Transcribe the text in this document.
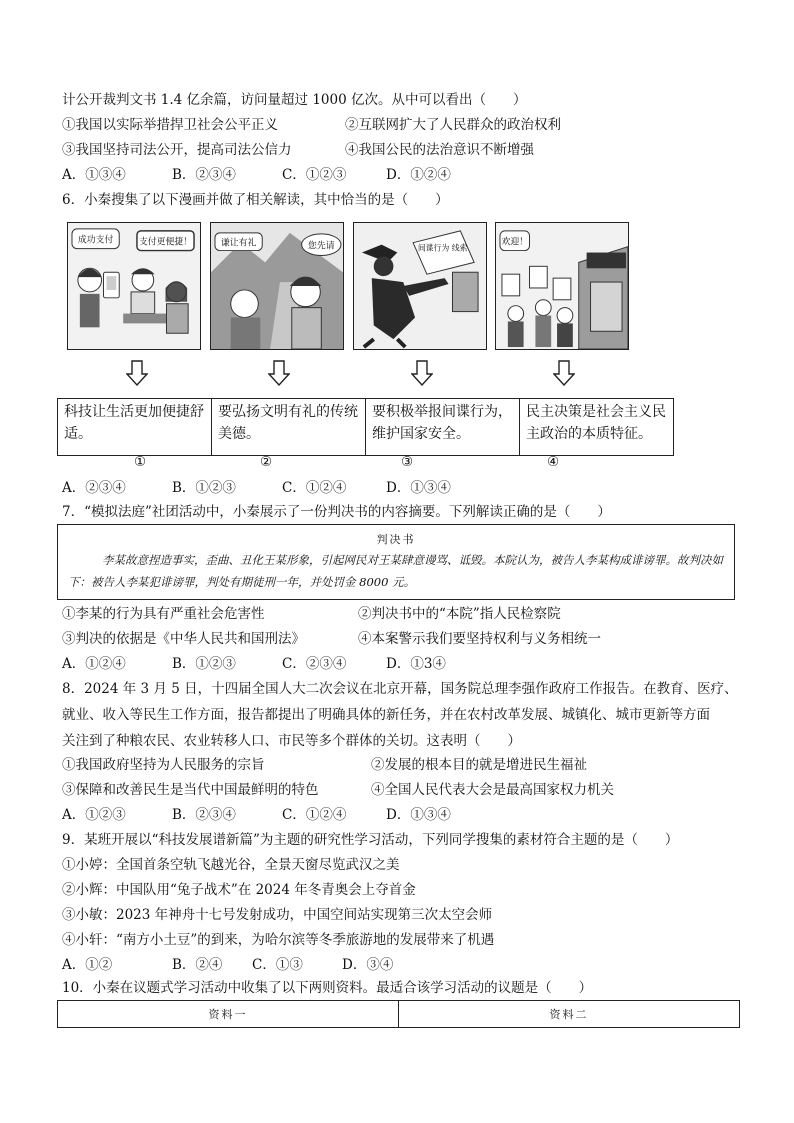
计公开裁判文书 1.4 亿余篇，访问量超过 1000 亿次。从中可以看出（　　）
①我国以实际举措捍卫社会公平正义	②互联网扩大了人民群众的政治权利
③我国坚持司法公开，提高司法公信力	④我国公民的法治意识不断增强
A．①③④	B．②③④	C．①②③	D．①②④
6．小秦搜集了以下漫画并做了相关解读，其中恰当的是（　　）
成功支付	支付更便捷！	谦让有礼	您先请	间谍行为 线索
欢迎！
科技让生活更加便捷舒适。	要弘扬文明有礼的传统美德。	要积极举报间谍行为，维护国家安全。	民主决策是社会主义民主政治的本质特征。
①	②	③	④
A．②③④	B．①②③	C．①②④	D．①③④
7．“模拟法庭”社团活动中，小秦展示了一份判决书的内容摘要。下列解读正确的是（　　）
判决书
李某故意捏造事实，歪曲、丑化王某形象，引起网民对王某肆意谩骂、诋毁。本院认为，被告人李某构成诽谤罪。故判决如下：被告人李某犯诽谤罪，判处有期徒刑一年，并处罚金 8000 元。
①李某的行为具有严重社会危害性	②判决书中的“本院”指人民检察院
③判决的依据是《中华人民共和国刑法》	④本案警示我们要坚持权利与义务相统一
A．①②④	B．①②③	C．②③④	D．①3④
8．2024 年 3 月 5 日，十四届全国人大二次会议在北京开幕，国务院总理李强作政府工作报告。在教育、医疗、
就业、收入等民生工作方面，报告都提出了明确具体的新任务，并在农村改革发展、城镇化、城市更新等方面
关注到了种粮农民、农业转移人口、市民等多个群体的关切。这表明（　　）
①我国政府坚持为人民服务的宗旨	②发展的根本目的就是增进民生福祉
③保障和改善民生是当代中国最鲜明的特色	④全国人民代表大会是最高国家权力机关
A．①②③	B．②③④	C．①②④	D．①③④
9．某班开展以“科技发展谱新篇”为主题的研究性学习活动，下列同学搜集的素材符合主题的是（　　）
①小婷：全国首条空轨飞越光谷，全景天窗尽览武汉之美
②小辉：中国队用“兔子战术”在 2024 年冬青奥会上夺首金
③小敏：2023 年神舟十七号发射成功，中国空间站实现第三次太空会师
④小轩：“南方小土豆”的到来，为哈尔滨等冬季旅游地的发展带来了机遇
A．①②	B．②④ C．①③	D．③④
10．小秦在议题式学习活动中收集了以下两则资料。最适合该学习活动的议题是（　　）
资料一	资料二
